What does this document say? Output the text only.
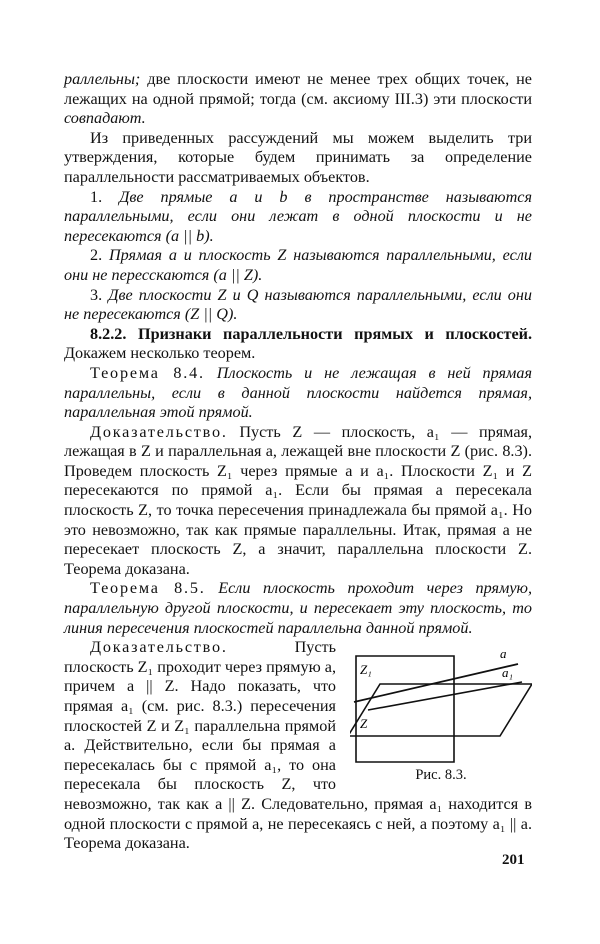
раллельны; две плоскости имеют не менее трех общих точек, не лежащих на одной прямой; тогда (см. аксиому III.3) эти плоскости совпадают.

Из приведенных рассуждений мы можем выделить три утверждения, которые будем принимать за определение параллельности рассматриваемых объектов.

1. Две прямые a и b в пространстве называются параллельными, если они лежат в одной плоскости и не пересекаются (a || b).

2. Прямая a и плоскость Z называются параллельными, если они не пересскаются (a || Z).

3. Две плоскости Z и Q называются параллельными, если они не пересекаются (Z || Q).

8.2.2. Признаки параллельности прямых и плоскостей. Докажем несколько теорем.

Теорема 8.4. Плоскость и не лежащая в ней прямая параллельны, если в данной плоскости найдется прямая, параллельная этой прямой.

Доказательство. Пусть Z — плоскость, a₁ — прямая, лежащая в Z и параллельная a, лежащей вне плоскости Z (рис. 8.3). Проведем плоскость Z₁ через прямые a и a₁. Плоскости Z₁ и Z пересекаются по прямой a₁. Если бы прямая a пересекала плоскость Z, то точка пересечения принадлежала бы прямой a₁. Но это невозможно, так как прямые параллельны. Итак, прямая a не пересекает плоскость Z, а значит, параллельна плоскости Z. Теорема доказана.

Теорема 8.5. Если плоскость проходит через прямую, параллельную другой плоскости, и пересекает эту плоскость, то линия пересечения плоскостей параллельна данной прямой.

a
a₁
Z₁
Z
Рис. 8.3.

Доказательство. Пусть плоскость Z₁ проходит через прямую a, причем a || Z. Надо показать, что прямая a₁ (см. рис. 8.3.) пересечения плоскостей Z и Z₁ параллельна прямой a. Действительно, если бы прямая a пересекалась бы с прямой a₁, то она пересекала бы плоскость Z, что невозможно, так как a || Z. Следовательно, прямая a₁ находится в одной плоскости с прямой a, не пересекаясь с ней, а поэтому a₁ || a. Теорема доказана.

201
